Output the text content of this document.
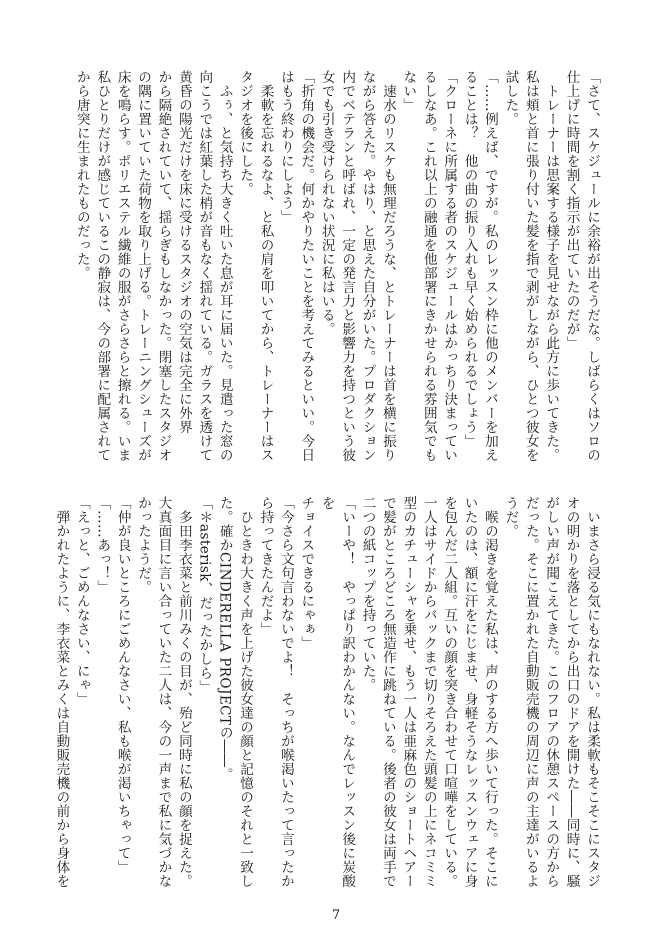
「さて、スケジュールに余裕が出そうだな。しばらくはソロの
仕上げに時間を割く指示が出ていたのだが」
　トレーナーは思案する様子を見せながら此方に歩いてきた。
私は頬と首に張り付いた髪を指で剥がしながら、ひとつ彼女を
試した。
「……例えば、ですが。私のレッスン枠に他のメンバーを加え
ることは？　他の曲の振り入れも早く始められるでしょう」
「クローネに所属する者のスケジュールはかっちり決まってい
るしなあ。これ以上の融通を他部署にきかせられる雰囲気でも
ない」
　速水のリスケも無理だろうな、とトレーナーは首を横に振り
ながら答えた。やはり、と思えた自分がいた。プロダクション
内でベテランと呼ばれ、一定の発言力と影響力を持つという彼
女でも引き受けられない状況に私はいる。
「折角の機会だ。何かやりたいことを考えてみるといい。今日
はもう終わりにしよう」
　柔軟を忘れるなよ、と私の肩を叩いてから、トレーナーはス
タジオを後にした。
　ふぅ、と気持ち大きく吐いた息が耳に届いた。見遣った窓の
向こうでは紅葉した梢が音もなく揺れている。ガラスを透けて
黄昏の陽光だけを床に受けるスタジオの空気は完全に外界
から隔絶されていて、揺らぎもしなかった。閉塞したスタジオ
の隅に置いていた荷物を取り上げる。トレーニングシューズが
床を鳴らす。ポリエステル繊維の服がさらさらと擦れる。いま
私ひとりだけが感じているこの静寂は、今の部署に配属されて
から唐突に生まれたものだった。
　いまさら浸る気にもなれない。私は柔軟もそこそこにスタジ
オの明かりを落としてから出口のドアを開けた――同時に、騒
がしい声が聞こえてきた。このフロアの休憩スペースの方から
だった。そこに置かれた自動販売機の周辺に声の主達がいるよ
うだ。
　喉の渇きを覚えた私は、声のする方へ歩いて行った。そこに
いたのは、額に汗をにじませ、身軽そうなレッスンウェアに身
を包んだ二人組。互いの顔を突き合わせて口喧嘩をしている。
一人はサイドからバックまで切りそろえた頭髪の上にネコミミ
型のカチューシャを乗せ、もう一人は亜麻色のショートヘアー
で髪がところどころ無造作に跳ねている。後者の彼女は両手で
二つの紙コップを持っていた。
「いーや！　やっぱり訳わかんない。なんでレッスン後に炭酸を
チョイスできるにゃぁ」
「今さら文句言わないでよ！　そっちが喉渇いたって言ったか
ら持ってきたんだよ」
　ひときわ大きく声を上げた彼女達の顔と記憶のそれと一致し
た。確かCINDERELLA PROJECTの――。
「＊asterisk、だったかしら」
　多田李衣菜と前川みくの目が、殆ど同時に私の顔を捉えた。
大真面目に言い合っていた二人は、今の一声まで私に気づかな
かったようだ。
「仲が良いところにごめんなさい、私も喉が渇いちゃって」
「……あっ！」
「えっと、ごめんなさい、にゃ」
　弾かれたように、李衣菜とみくは自動販売機の前から身体を
7
